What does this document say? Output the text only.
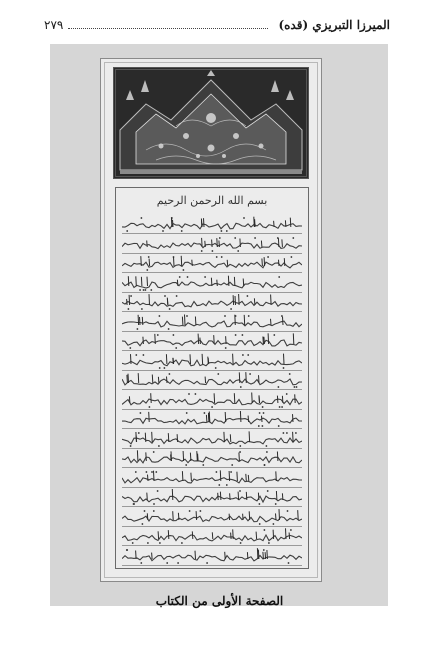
الميرزا التبريزي (قده)
٢٧٩
بسم الله الرحمن الرحيم
الصفحة الأولى من الكتاب
